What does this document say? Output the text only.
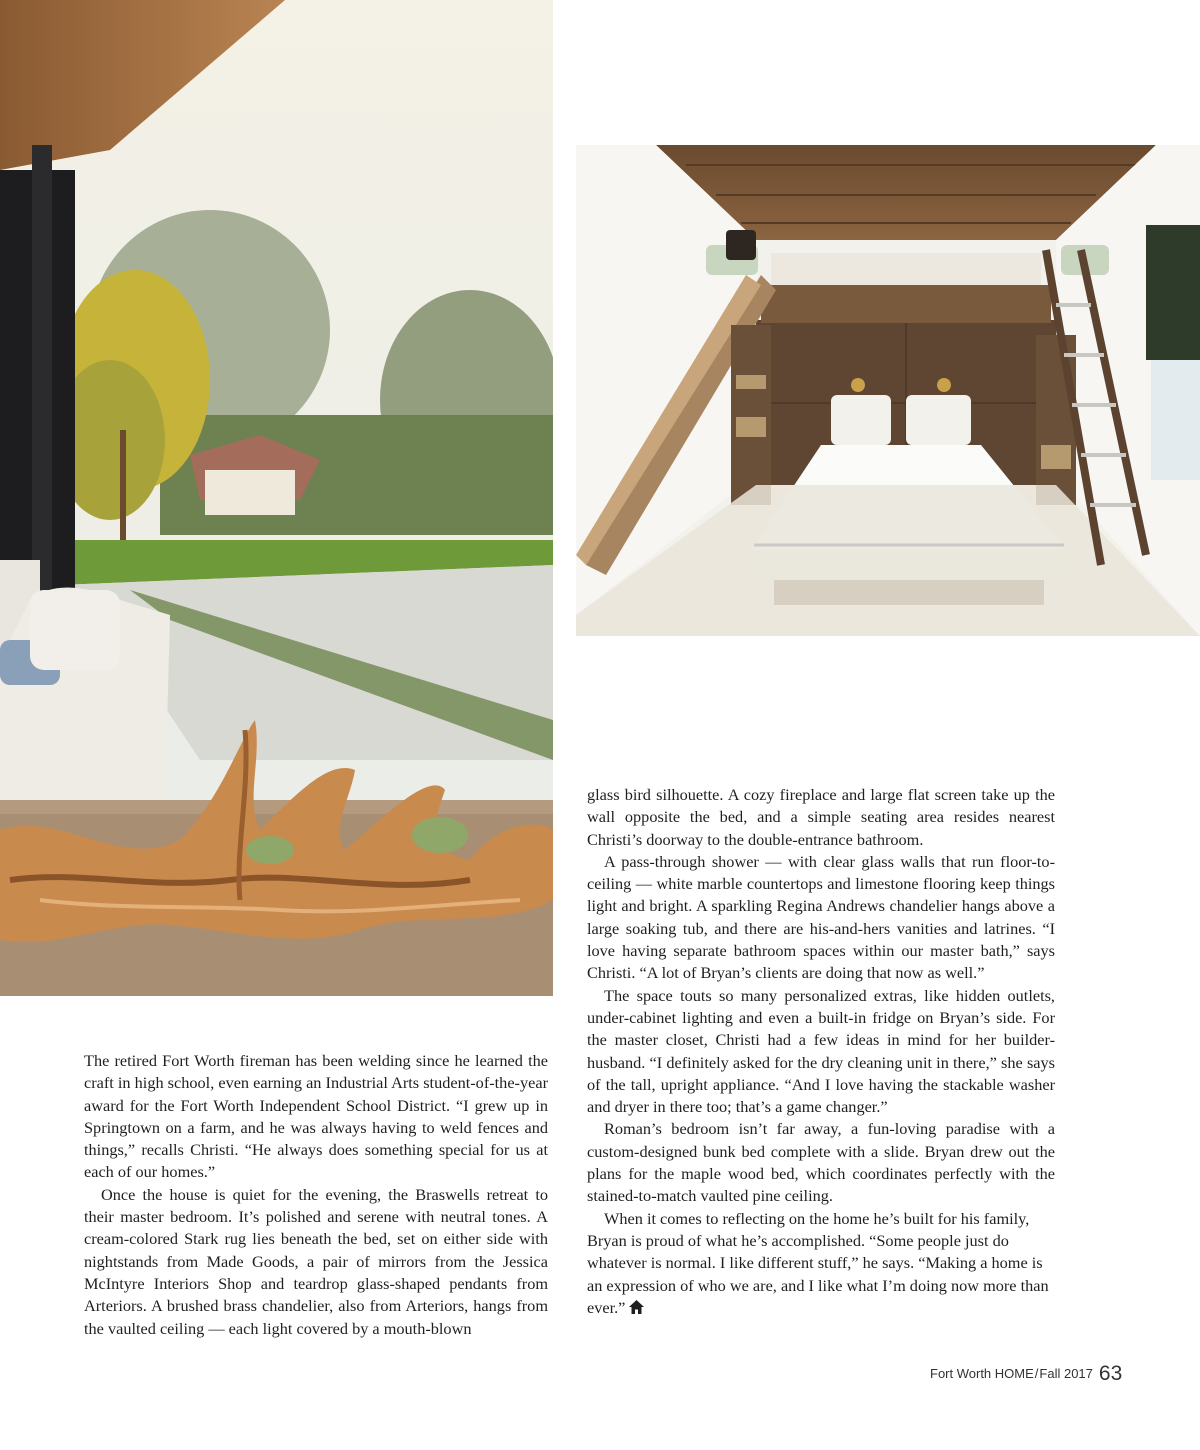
The retired Fort Worth fireman has been welding since he learned the craft in high school, even earning an Industrial Arts student-of-the-year award for the Fort Worth Independent School District. “I grew up in Springtown on a farm, and he was always having to weld fences and things,” recalls Christi. “He always does something special for us at each of our homes.”

Once the house is quiet for the evening, the Braswells retreat to their master bedroom. It’s polished and serene with neutral tones. A cream-colored Stark rug lies beneath the bed, set on either side with nightstands from Made Goods, a pair of mirrors from the Jessica McIntyre Interiors Shop and teardrop glass-shaped pendants from Arteriors. A brushed brass chandelier, also from Arteriors, hangs from the vaulted ceiling — each light covered by a mouth-blown

glass bird silhouette. A cozy fireplace and large flat screen take up the wall opposite the bed, and a simple seating area resides nearest Christi’s doorway to the double-entrance bathroom.

A pass-through shower — with clear glass walls that run floor-to-ceiling — white marble countertops and limestone flooring keep things light and bright. A sparkling Regina Andrews chandelier hangs above a large soaking tub, and there are his-and-hers vanities and latrines. “I love having separate bathroom spaces within our master bath,” says Christi. “A lot of Bryan’s clients are doing that now as well.”

The space touts so many personalized extras, like hidden outlets, under-cabinet lighting and even a built-in fridge on Bryan’s side. For the master closet, Christi had a few ideas in mind for her builder-husband. “I definitely asked for the dry cleaning unit in there,” she says of the tall, upright appliance. “And I love having the stackable washer and dryer in there too; that’s a game changer.”

Roman’s bedroom isn’t far away, a fun-loving paradise with a custom-designed bunk bed complete with a slide. Bryan drew out the plans for the maple wood bed, which coordinates perfectly with the stained-to-match vaulted pine ceiling.

When it comes to reflecting on the home he’s built for his family, Bryan is proud of what he’s accomplished. “Some people just do whatever is normal. I like different stuff,” he says. “Making a home is an expression of who we are, and I like what I’m doing now more than ever.”

Fort Worth HOME/Fall 2017 63
